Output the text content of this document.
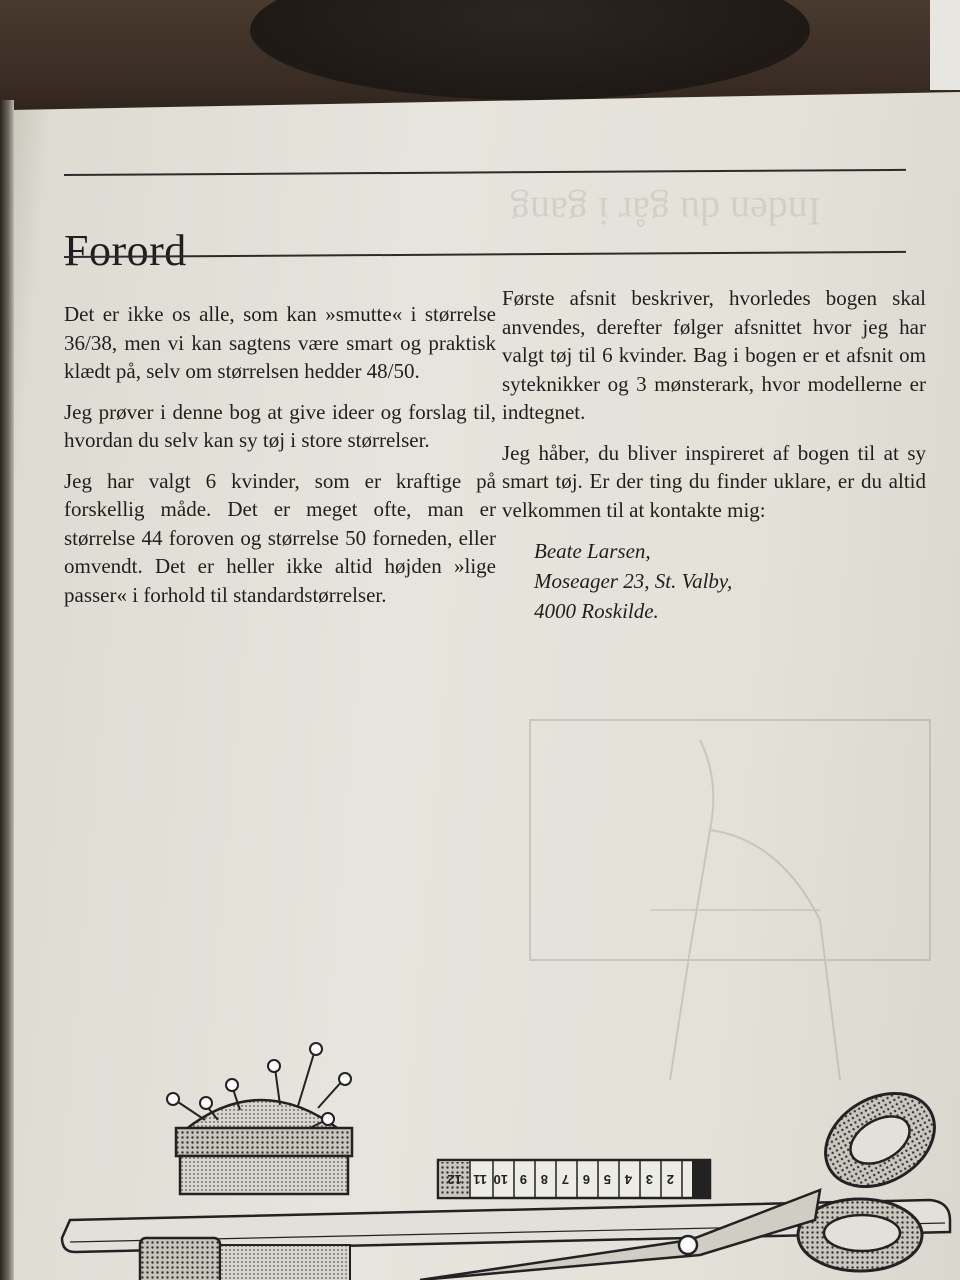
Inden du går i gang
Forord

Det er ikke os alle, som kan »smutte« i størrelse 36/38, men vi kan sagtens være smart og praktisk klædt på, selv om størrelsen hedder 48/50.

Jeg prøver i denne bog at give ideer og forslag til, hvordan du selv kan sy tøj i store størrelser.

Jeg har valgt 6 kvinder, som er kraftige på forskellig måde. Det er meget ofte, man er størrelse 44 foroven og størrelse 50 forneden, eller omvendt. Det er heller ikke altid højden »lige passer« i forhold til standardstørrelser.

Første afsnit beskriver, hvorledes bogen skal anvendes, derefter følger afsnittet hvor jeg har valgt tøj til 6 kvinder. Bag i bogen er et afsnit om syteknikker og 3 mønsterark, hvor modellerne er indtegnet.

Jeg håber, du bliver inspireret af bogen til at sy smart tøj. Er der ting du finder uklare, er du altid velkommen til at kontakte mig:

Beate Larsen,
Moseager 23, St. Valby,
4000 Roskilde.
12 11 10 9 8 7 6 5 4 3 2
